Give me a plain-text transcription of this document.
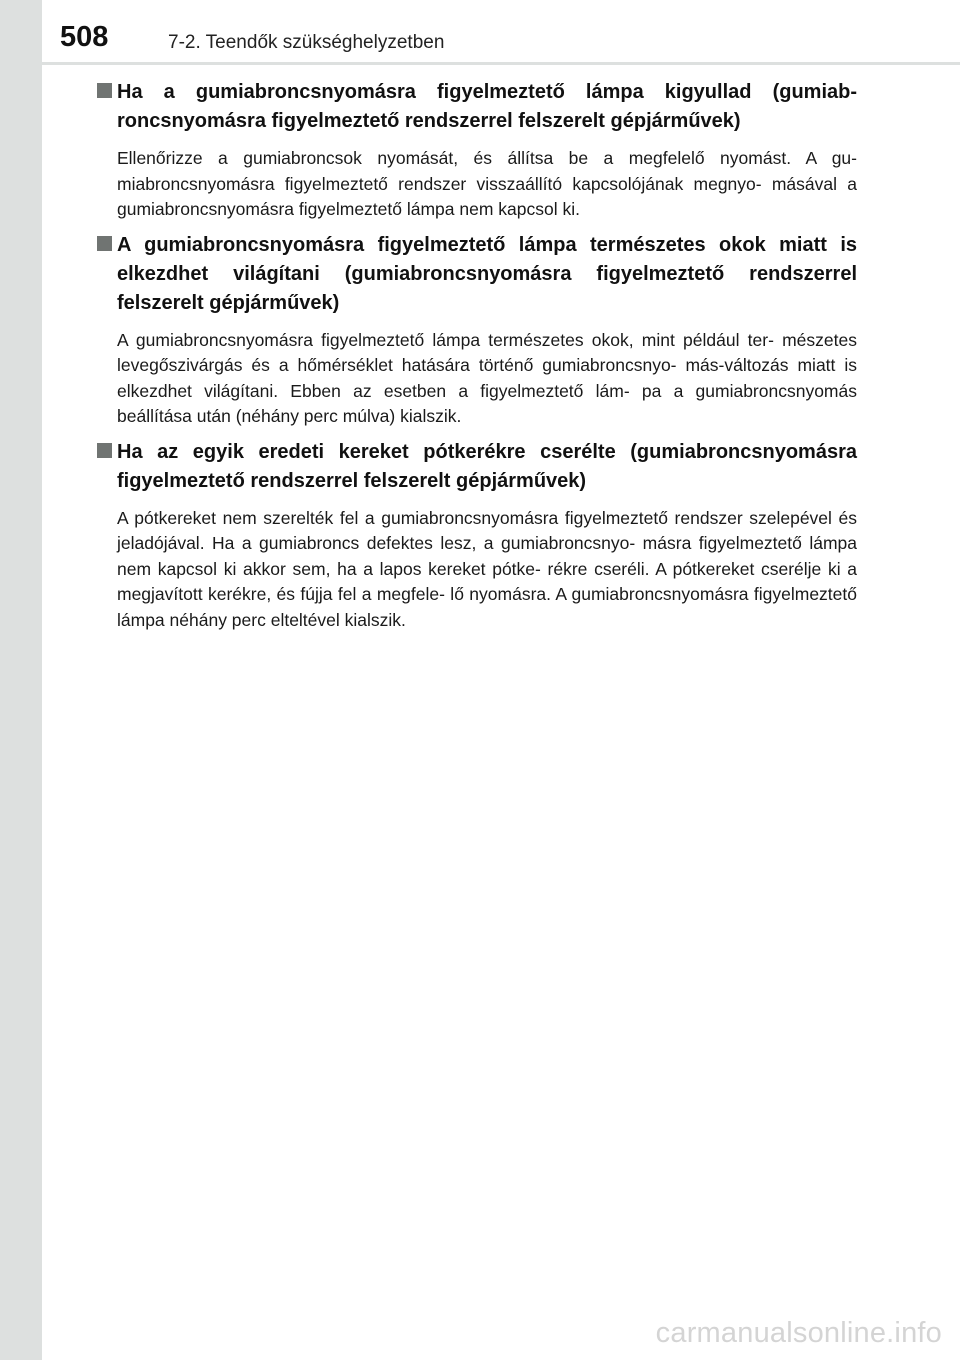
508	7-2. Teendők szükséghelyzetben
Ha a gumiabroncsnyomásra figyelmeztető lámpa kigyullad (gumiab- roncsnyomásra figyelmeztető rendszerrel felszerelt gépjárművek)

Ellenőrizze a gumiabroncsok nyomását, és állítsa be a megfelelő nyomást. A gu- miabroncsnyomásra figyelmeztető rendszer visszaállító kapcsolójának megnyo- másával a gumiabroncsnyomásra figyelmeztető lámpa nem kapcsol ki.

A gumiabroncsnyomásra figyelmeztető lámpa természetes okok miatt is elkezdhet világítani (gumiabroncsnyomásra figyelmeztető rendszerrel felszerelt gépjárművek)

A gumiabroncsnyomásra figyelmeztető lámpa természetes okok, mint például ter- mészetes levegőszivárgás és a hőmérséklet hatására történő gumiabroncsnyo- más-változás miatt is elkezdhet világítani. Ebben az esetben a figyelmeztető lám- pa a gumiabroncsnyomás beállítása után (néhány perc múlva) kialszik.

Ha az egyik eredeti kereket pótkerékre cserélte (gumiabroncsnyomásra figyelmeztető rendszerrel felszerelt gépjárművek)

A pótkereket nem szerelték fel a gumiabroncsnyomásra figyelmeztető rendszer szelepével és jeladójával. Ha a gumiabroncs defektes lesz, a gumiabroncsnyo- másra figyelmeztető lámpa nem kapcsol ki akkor sem, ha a lapos kereket pótke- rékre cseréli. A pótkereket cserélje ki a megjavított kerékre, és fújja fel a megfele- lő nyomásra. A gumiabroncsnyomásra figyelmeztető lámpa néhány perc elteltével kialszik.

carmanualsonline.info
